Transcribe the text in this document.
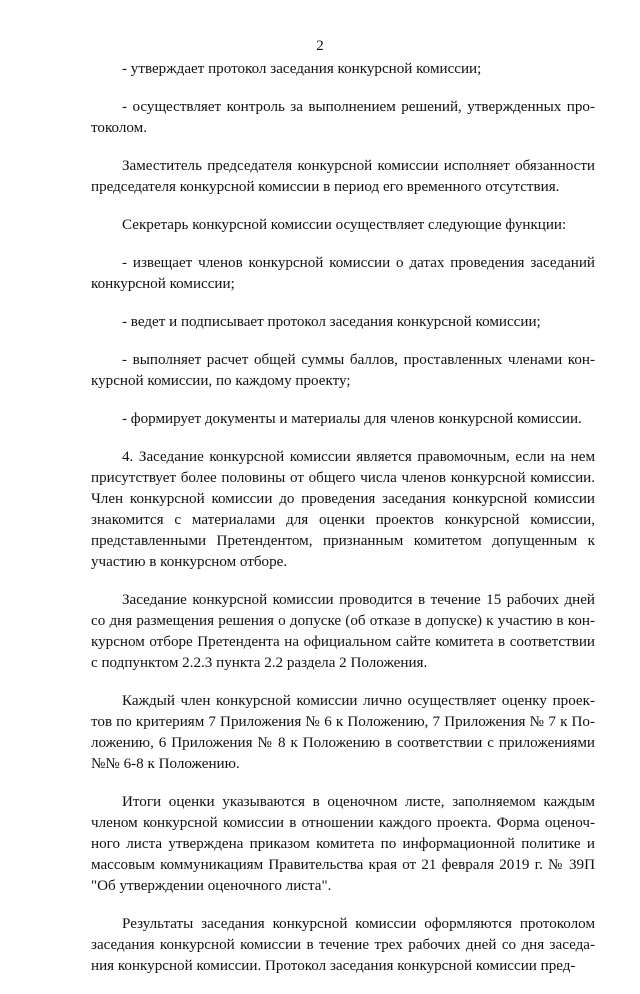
2

- утверждает протокол заседания конкурсной комиссии;

- осуществляет контроль за выполнением решений, утвержденных протоколом.

Заместитель председателя конкурсной комиссии исполняет обязанности председателя конкурсной комиссии в период его временного отсутствия.

Секретарь конкурсной комиссии осуществляет следующие функции:

- извещает членов конкурсной комиссии о датах проведения заседаний конкурсной комиссии;

- ведет и подписывает протокол заседания конкурсной комиссии;

- выполняет расчет общей суммы баллов, проставленных членами конкурсной комиссии, по каждому проекту;

- формирует документы и материалы для членов конкурсной комиссии.

4. Заседание конкурсной комиссии является правомочным, если на нем присутствует более половины от общего числа членов конкурсной комиссии. Член конкурсной комиссии до проведения заседания конкурсной комиссии знакомится с материалами для оценки проектов конкурсной комиссии, представленными Претендентом, признанным комитетом допущенным к участию в конкурсном отборе.

Заседание конкурсной комиссии проводится в течение 15 рабочих дней со дня размещения решения о допуске (об отказе в допуске) к участию в конкурсном отборе Претендента на официальном сайте комитета в соответствии с подпунктом 2.2.3 пункта 2.2 раздела 2 Положения.

Каждый член конкурсной комиссии лично осуществляет оценку проектов по критериям 7 Приложения № 6 к Положению, 7 Приложения № 7 к Положению, 6 Приложения № 8 к Положению в соответствии с приложениями №№ 6-8 к Положению.

Итоги оценки указываются в оценочном листе, заполняемом каждым членом конкурсной комиссии в отношении каждого проекта. Форма оценочного листа утверждена приказом комитета по информационной политике и массовым коммуникациям Правительства края от 21 февраля 2019 г. № 39П "Об утверждении оценочного листа".

Результаты заседания конкурсной комиссии оформляются протоколом заседания конкурсной комиссии в течение трех рабочих дней со дня заседания конкурсной комиссии. Протокол заседания конкурсной комиссии пред-
